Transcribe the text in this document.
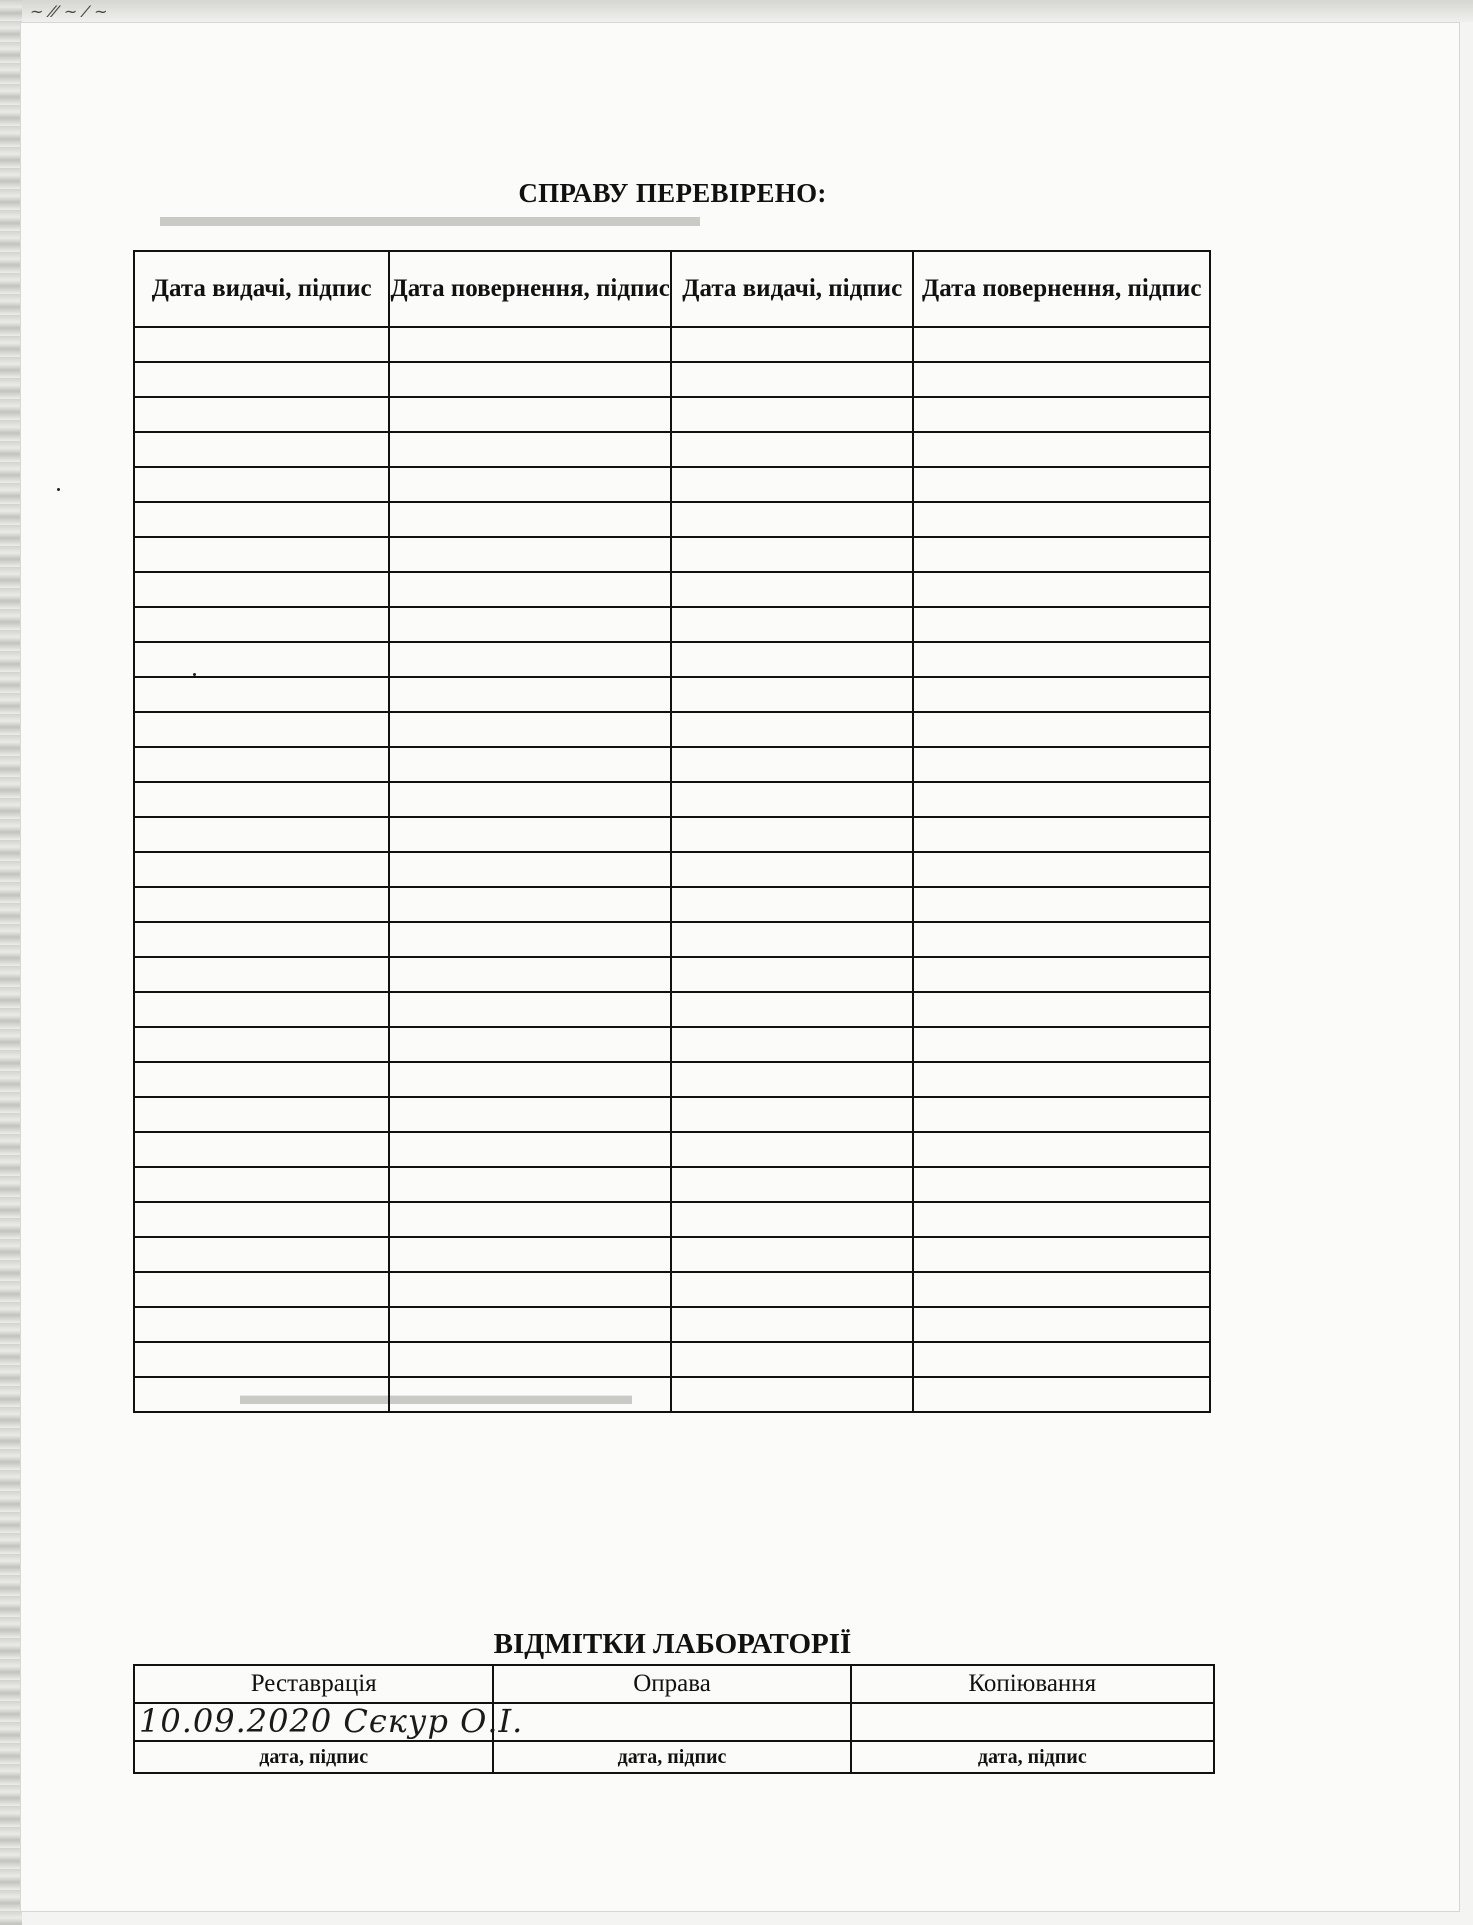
~ ⁄⁄ ~ ⁄ ~
▬▬▬▬▬▬▬▬▬▬▬▬▬▬▬▬▬▬
▬▬▬▬▬▬▬▬▬▬▬▬▬▬
СПРАВУ ПЕРЕВІРЕНО:
Дата видачі, підпис	Дата повернення, підпис	Дата видачі, підпис	Дата повернення, підпис

ВІДМІТКИ ЛАБОРАТОРІЇ
Реставрація	Оправа	Копіювання

10.09.2020 Сєкур О.І.		

дата, підпис	дата, підпис	дата, підпис
